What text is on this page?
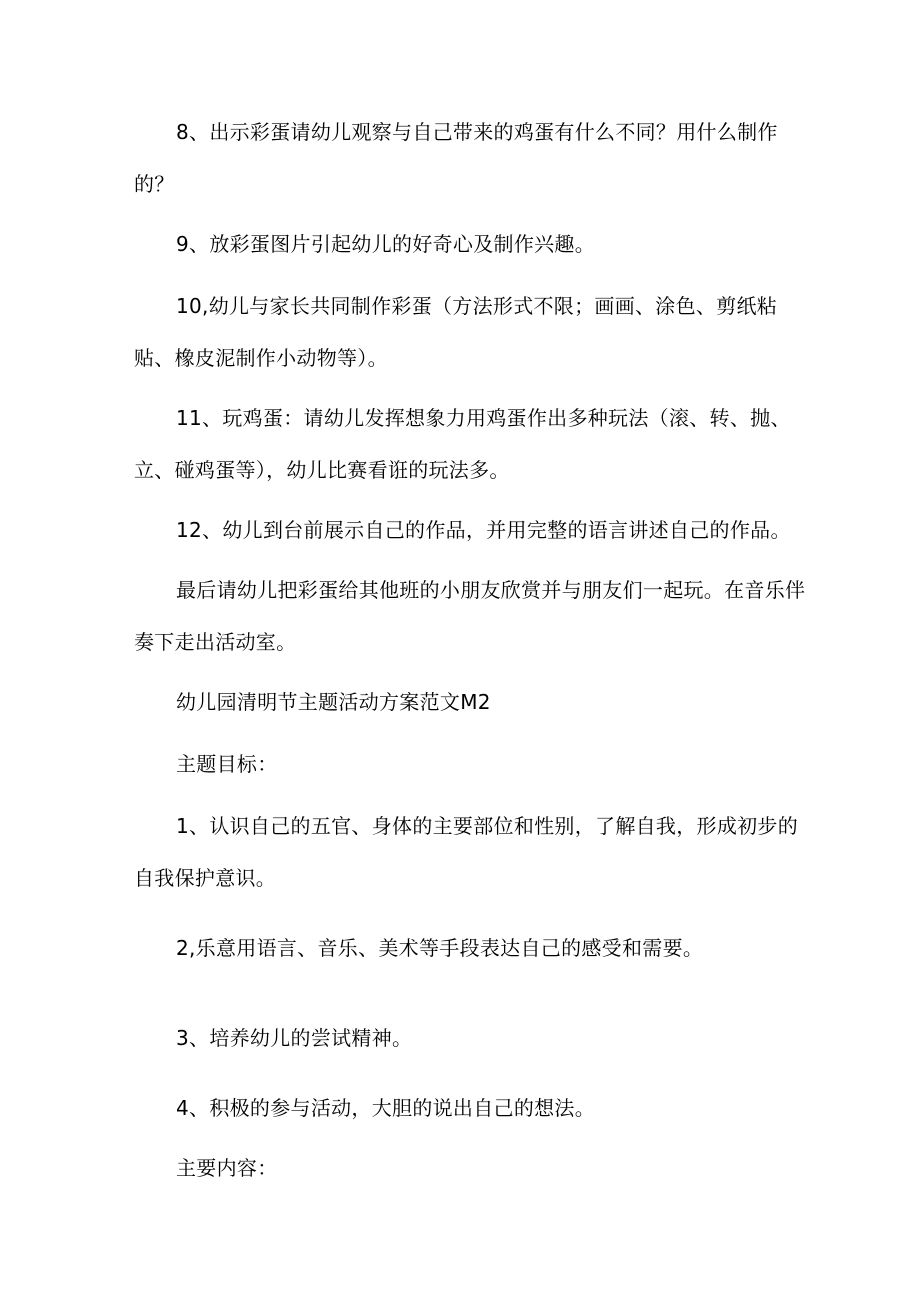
8、出示彩蛋请幼儿观察与自己带来的鸡蛋有什么不同？用什么制作的？

9、放彩蛋图片引起幼儿的好奇心及制作兴趣。

10,幼儿与家长共同制作彩蛋（方法形式不限；画画、涂色、剪纸粘贴、橡皮泥制作小动物等）。

11、玩鸡蛋：请幼儿发挥想象力用鸡蛋作出多种玩法（滚、转、抛、立、碰鸡蛋等），幼儿比赛看诳的玩法多。

12、幼儿到台前展示自己的作品，并用完整的语言讲述自己的作品。

最后请幼儿把彩蛋给其他班的小朋友欣赏并与朋友们一起玩。在音乐伴奏下走出活动室。

幼儿园清明节主题活动方案范文M2

主题目标：

1、认识自己的五官、身体的主要部位和性别，了解自我，形成初步的自我保护意识。

2,乐意用语言、音乐、美术等手段表达自己的感受和需要。

3、培养幼儿的尝试精神。

4、积极的参与活动，大胆的说出自己的想法。

主要内容：
